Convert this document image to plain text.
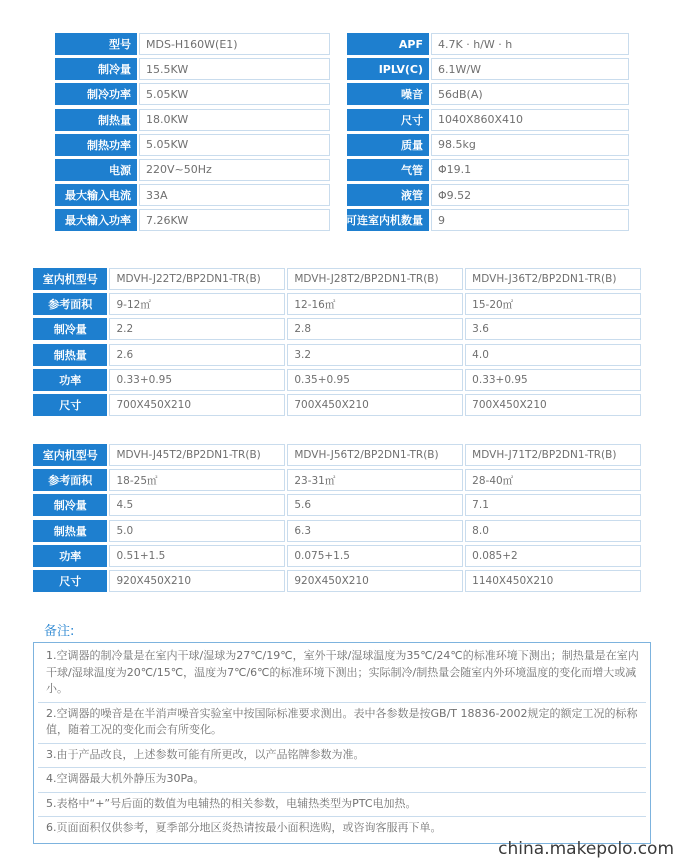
型号	MDS-H160W(E1)
制冷量	15.5KW
制冷功率	5.05KW
制热量	18.0KW
制热功率	5.05KW
电源	220V~50Hz
最大输入电流	33A
最大输入功率	7.26KW
APF	4.7K · h/W · h
IPLV(C)	6.1W/W
噪音	56dB(A)
尺寸	1040X860X410
质量	98.5kg
气管	Φ19.1
液管	Φ9.52
可连室内机数量	9
室内机型号	MDVH-J22T2/BP2DN1-TR(B)	MDVH-J28T2/BP2DN1-TR(B)	MDVH-J36T2/BP2DN1-TR(B)
参考面积	9-12㎡	12-16㎡	15-20㎡
制冷量	2.2	2.8	3.6
制热量	2.6	3.2	4.0
功率	0.33+0.95	0.35+0.95	0.33+0.95
尺寸	700X450X210	700X450X210	700X450X210
室内机型号	MDVH-J45T2/BP2DN1-TR(B)	MDVH-J56T2/BP2DN1-TR(B)	MDVH-J71T2/BP2DN1-TR(B)
参考面积	18-25㎡	23-31㎡	28-40㎡
制冷量	4.5	5.6	7.1
制热量	5.0	6.3	8.0
功率	0.51+1.5	0.075+1.5	0.085+2
尺寸	920X450X210	920X450X210	1140X450X210
备注:
1.空调器的制冷量是在室内干球/湿球为27℃/19℃，室外干球/湿球温度为35℃/24℃的标准环境下测出；制热量是在室内干球/湿球温度为20℃/15℃，温度为7℃/6℃的标准环境下测出；实际制冷/制热量会随室内外环境温度的变化而增大或减小。
2.空调器的噪音是在半消声噪音实验室中按国际标准要求测出。表中各参数是按GB/T 18836-2002规定的额定工况的标称值，随着工况的变化而会有所变化。
3.由于产品改良，上述参数可能有所更改，以产品铭牌参数为准。
4.空调器最大机外静压为30Pa。
5.表格中“+”号后面的数值为电辅热的相关参数，电辅热类型为PTC电加热。
6.页面面积仅供参考，夏季部分地区炎热请按最小面积选购，或咨询客服再下单。
china.makepolo.com
